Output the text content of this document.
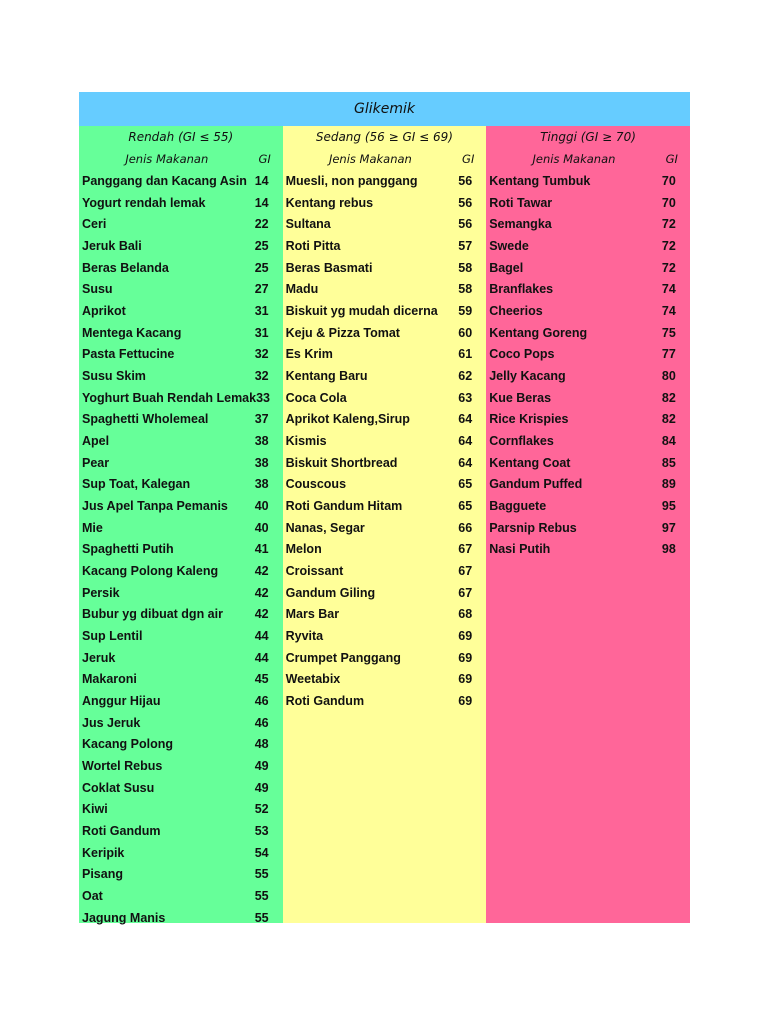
Glikemik
Rendah (GI ≤ 55)
Jenis Makanan	GI
Panggang dan Kacang Asin 14
Yogurt rendah lemak	14
Ceri	22
Jeruk Bali	25
Beras Belanda	25
Susu	27
Aprikot	31
Mentega Kacang	31
Pasta Fettucine	32
Susu Skim	32
Yoghurt Buah Rendah Lemak 33
Spaghetti Wholemeal	37
Apel	38
Pear	38
Sup Toat, Kalegan	38
Jus Apel Tanpa Pemanis	40
Mie	40
Spaghetti Putih	41
Kacang Polong Kaleng	42
Persik	42
Bubur yg dibuat dgn air	42
Sup Lentil	44
Jeruk	44
Makaroni	45
Anggur Hijau	46
Jus Jeruk	46
Kacang Polong	48
Wortel Rebus	49
Coklat Susu	49
Kiwi	52
Roti Gandum	53
Keripik	54
Pisang	55
Oat	55
Jagung Manis	55
Sedang (56 ≥ GI ≤ 69)
Jenis Makanan	GI
Muesli, non panggang	56
Kentang rebus	56
Sultana	56
Roti Pitta	57
Beras Basmati	58
Madu	58
Biskuit yg mudah dicerna	59
Keju & Pizza Tomat	60
Es Krim	61
Kentang Baru	62
Coca Cola	63
Aprikot Kaleng,Sirup	64
Kismis	64
Biskuit Shortbread	64
Couscous	65
Roti Gandum Hitam	65
Nanas, Segar	66
Melon	67
Croissant	67
Gandum Giling	67
Mars Bar	68
Ryvita	69
Crumpet Panggang	69
Weetabix	69
Roti Gandum	69
Tinggi (GI ≥ 70)
Jenis Makanan	GI
Kentang Tumbuk	70
Roti Tawar	70
Semangka	72
Swede	72
Bagel	72
Branflakes	74
Cheerios	74
Kentang Goreng	75
Coco Pops	77
Jelly Kacang	80
Kue Beras	82
Rice Krispies	82
Cornflakes	84
Kentang Coat	85
Gandum Puffed	89
Bagguete	95
Parsnip Rebus	97
Nasi Putih	98
